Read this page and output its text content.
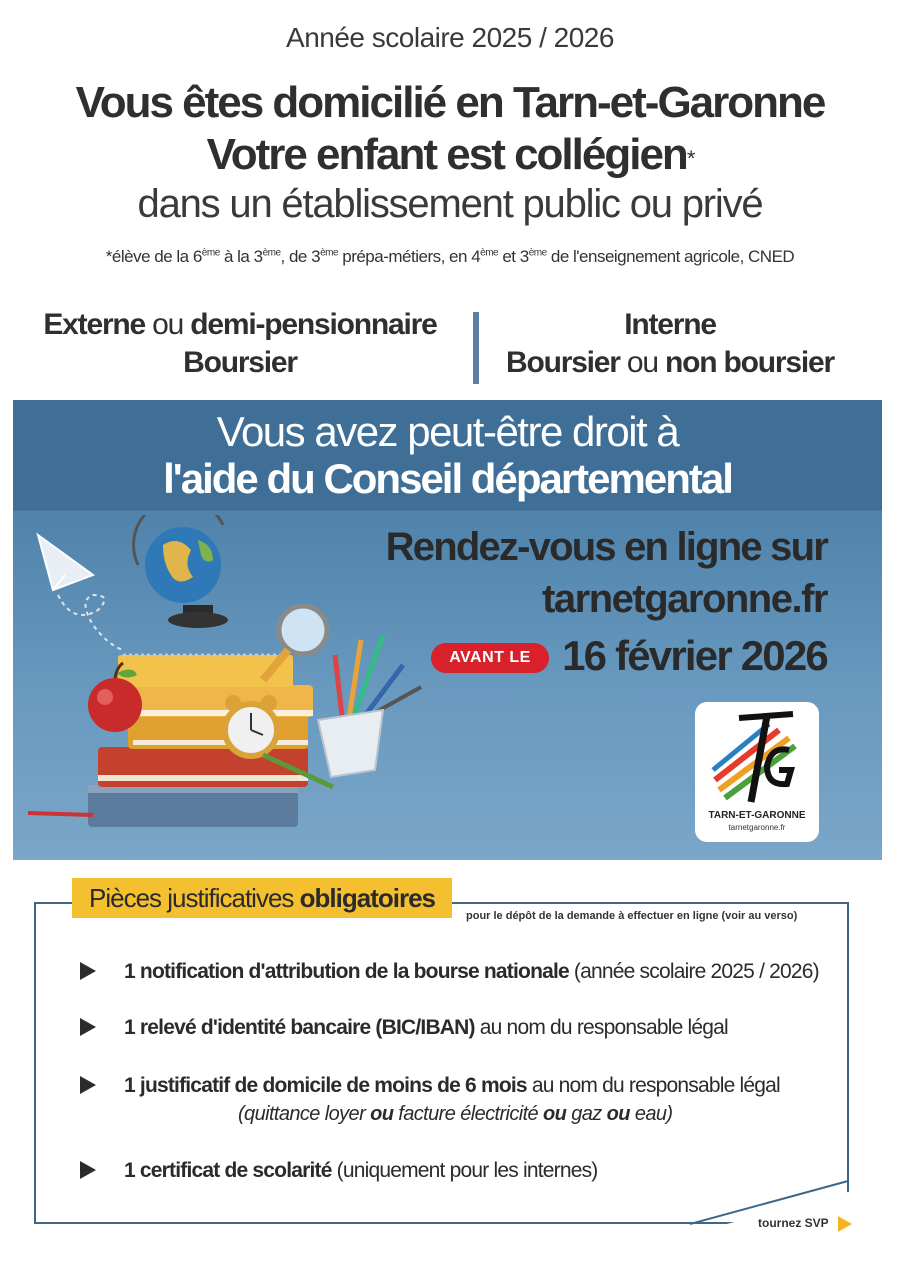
Année scolaire 2025 / 2026
Vous êtes domicilié en Tarn-et-Garonne
Votre enfant est collégien*
dans un établissement public ou privé
*élève de la 6ème à la 3ème, de 3ème prépa-métiers, en 4ème et 3ème de l'enseignement agricole, CNED
Externe ou demi-pensionnaire
Boursier
Interne
Boursier ou non boursier
Vous avez peut-être droit à
l'aide du Conseil départemental
Rendez-vous en ligne sur
tarnetgaronne.fr
AVANT LE 16 février 2026
TARN-ET-GARONNE
tarnetgaronne.fr
Pièces justificatives obligatoires
pour le dépôt de la demande à effectuer en ligne (voir au verso)
1 notification d'attribution de la bourse nationale (année scolaire 2025 / 2026)
1 relevé d'identité bancaire (BIC/IBAN) au nom du responsable légal
1 justificatif de domicile de moins de 6 mois au nom du responsable légal
(quittance loyer ou facture électricité ou gaz ou eau)
1 certificat de scolarité (uniquement pour les internes)
tournez SVP
